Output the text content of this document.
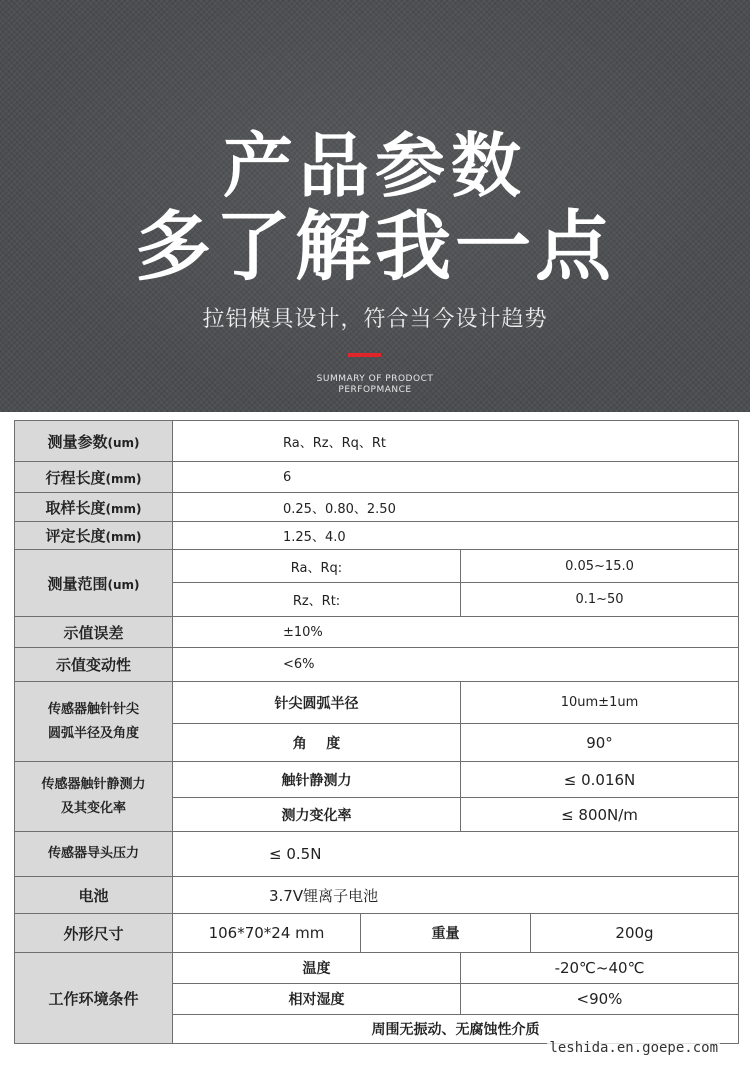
产品参数
多了解我一点
拉铝模具设计，符合当今设计趋势
SUMMARY OF PRODOCT
PERFOPMANCE
测量参数(um)	Ra、Rz、Rq、Rt			
行程长度(mm)	6			
取样长度(mm)	0.25、0.80、2.50			
评定长度(mm)	1.25、4.0			
测量范围(um)	Ra、Rq:		0.05~15.0	
	Rz、Rt:		0.1~50	
示值误差	±10%			
示值变动性	<6%			

传感器触针针尖
圆弧半径及角度	针尖圆弧半径		10um±1um	
	角    度		90°	

传感器触针静测力
及其变化率	触针静测力		≤ 0.016N	
	测力变化率		≤ 800N/m	
传感器导头压力	≤ 0.5N			
电池	3.7V锂离子电池			
外形尺寸	106*70*24 mm	重量		200g
工作环境条件	温度		-20℃~40℃	
	相对湿度		<90%	
	周围无振动、无腐蚀性介质			
leshida.en.goepe.com
